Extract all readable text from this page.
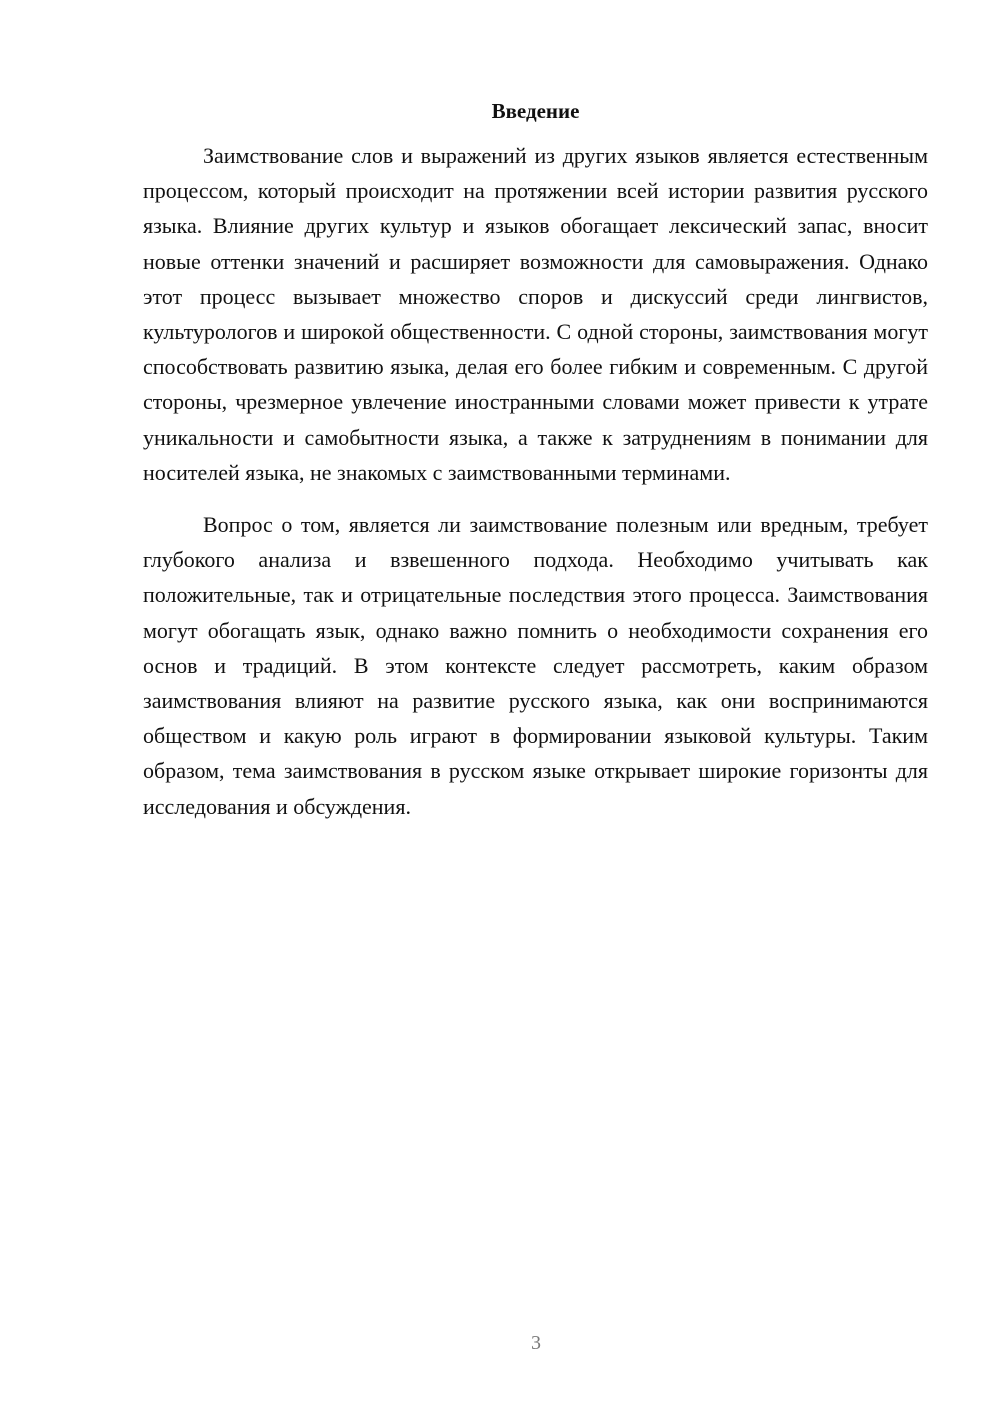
Введение

Заимствование слов и выражений из других языков является естественным процессом, который происходит на протяжении всей истории развития русского языка. Влияние других культур и языков обогащает лексический запас, вносит новые оттенки значений и расширяет возможности для самовыражения. Однако этот процесс вызывает множество споров и дискуссий среди лингвистов, культурологов и широкой общественности. С одной стороны, заимствования могут способствовать развитию языка, делая его более гибким и современным. С другой стороны, чрезмерное увлечение иностранными словами может привести к утрате уникальности и самобытности языка, а также к затруднениям в понимании для носителей языка, не знакомых с заимствованными терминами.

Вопрос о том, является ли заимствование полезным или вредным, требует глубокого анализа и взвешенного подхода. Необходимо учитывать как положительные, так и отрицательные последствия этого процесса. Заимствования могут обогащать язык, однако важно помнить о необходимости сохранения его основ и традиций. В этом контексте следует рассмотреть, каким образом заимствования влияют на развитие русского языка, как они воспринимаются обществом и какую роль играют в формировании языковой культуры. Таким образом, тема заимствования в русском языке открывает широкие горизонты для исследования и обсуждения.

3
